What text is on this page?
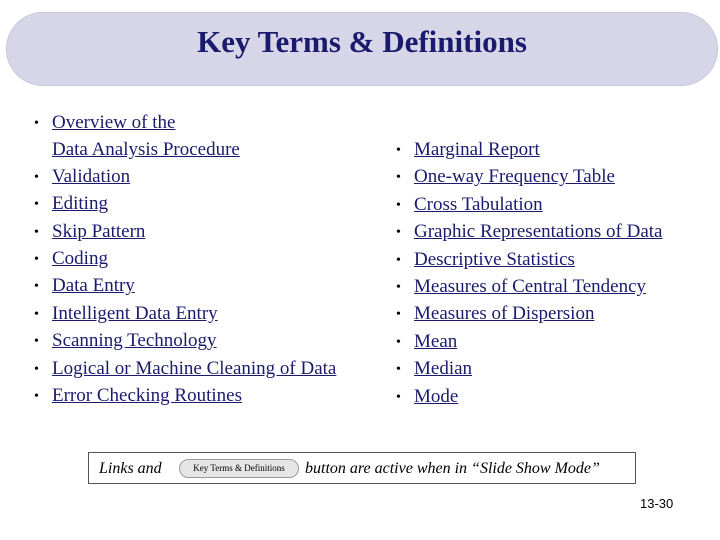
Key Terms & Definitions
• Overview of the
Data Analysis Procedure
• Validation
• Editing
• Skip Pattern
• Coding
• Data Entry
• Intelligent Data Entry
• Scanning Technology
• Logical or Machine Cleaning of Data
• Error Checking Routines
• Marginal Report
• One-way Frequency Table
• Cross Tabulation
• Graphic Representations of Data
• Descriptive Statistics
• Measures of Central Tendency
• Measures of Dispersion
• Mean
• Median
• Mode
Links and	Key Terms & Definitions	button are active when in “Slide Show Mode”
13-30
